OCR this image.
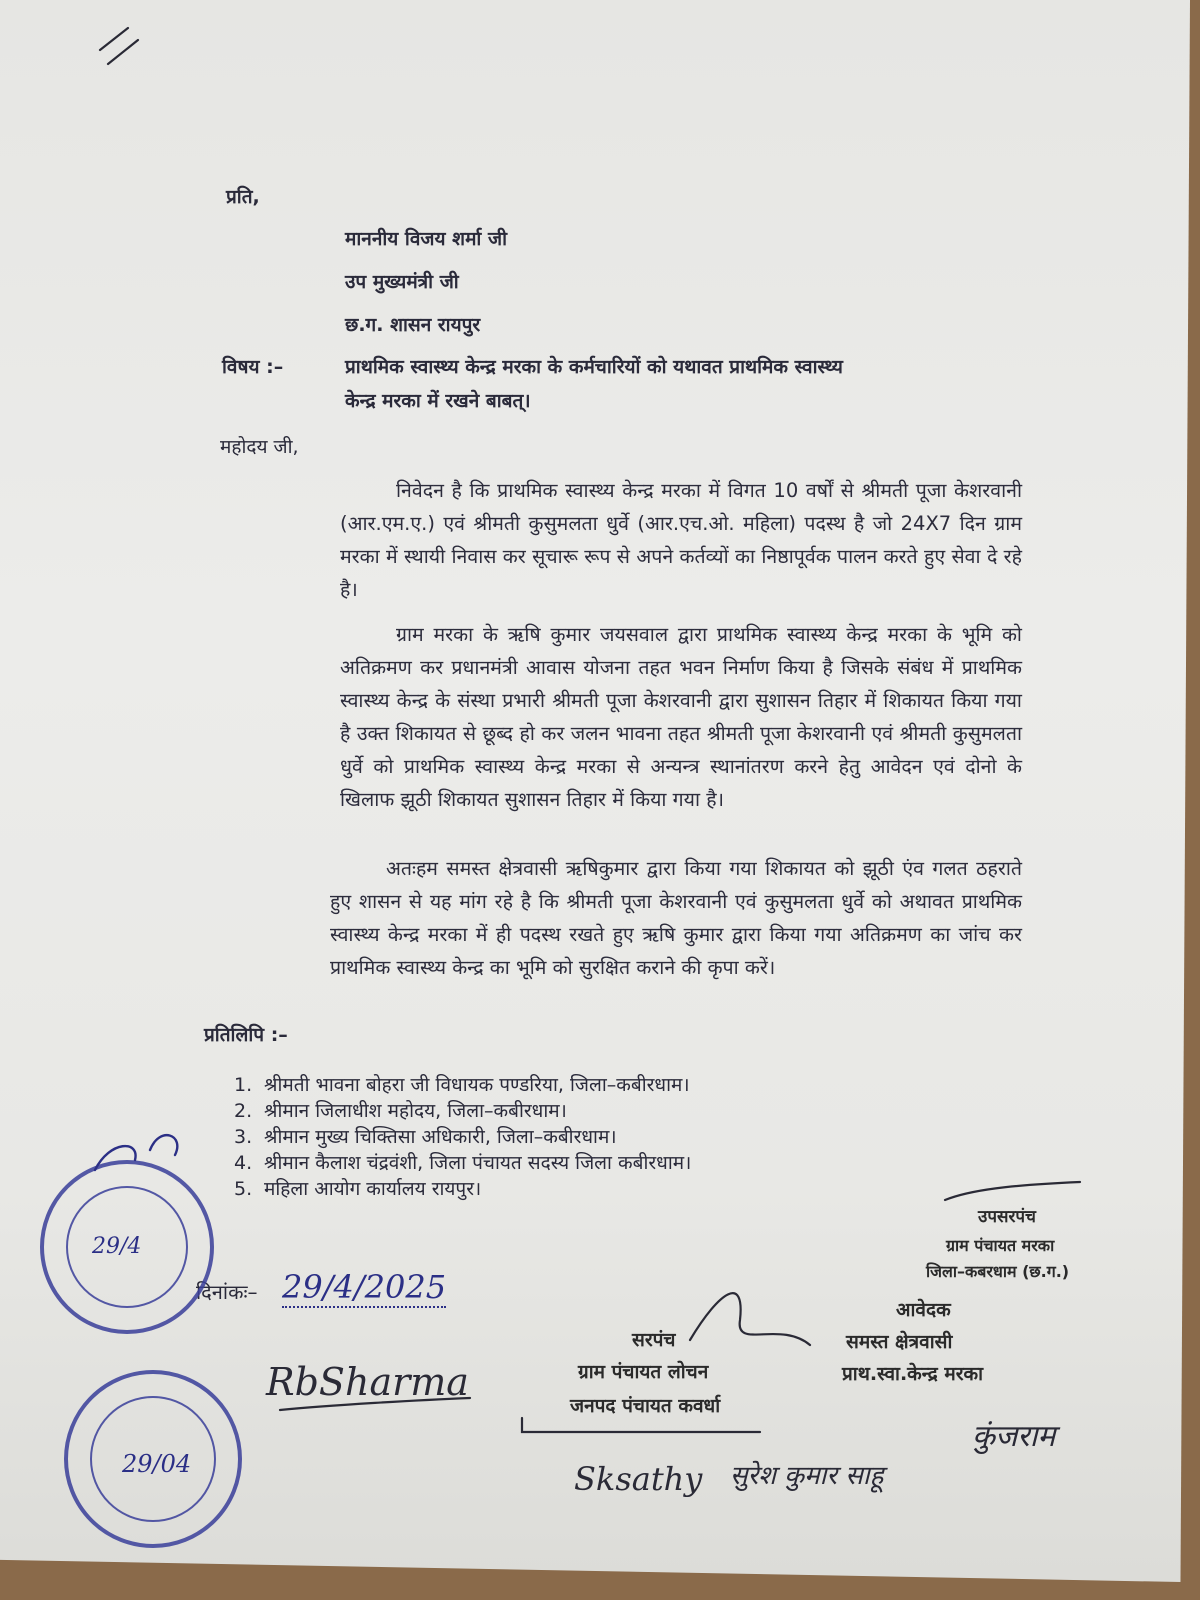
प्रति,
माननीय विजय शर्मा जी
उप मुख्यमंत्री जी
छ.ग. शासन रायपुर
विषय :–	प्राथमिक स्वास्थ्य केन्द्र मरका के कर्मचारियों को यथावत प्राथमिक स्वास्थ्य
केन्द्र मरका में रखने बाबत्।
महोदय जी,
निवेदन है कि प्राथमिक स्वास्थ्य केन्द्र मरका में विगत 10 वर्षों से श्रीमती पूजा केशरवानी (आर.एम.ए.) एवं श्रीमती कुसुमलता धुर्वे (आर.एच.ओ. महिला) पदस्थ है जो 24X7 दिन ग्राम मरका में स्थायी निवास कर सूचारू रूप से अपने कर्तव्यों का निष्ठापूर्वक पालन करते हुए सेवा दे रहे है।
ग्राम मरका के ऋषि कुमार जयसवाल द्वारा प्राथमिक स्वास्थ्य केन्द्र मरका के भूमि को अतिक्रमण कर प्रधानमंत्री आवास योजना तहत भवन निर्माण किया है जिसके संबंध में प्राथमिक स्वास्थ्य केन्द्र के संस्था प्रभारी श्रीमती पूजा केशरवानी द्वारा सुशासन तिहार में शिकायत किया गया है उक्त शिकायत से छूब्द हो कर जलन भावना तहत श्रीमती पूजा केशरवानी एवं श्रीमती कुसुमलता धुर्वे को प्राथमिक स्वास्थ्य केन्द्र मरका से अन्यन्त्र स्थानांतरण करने हेतु आवेदन एवं दोनो के खिलाफ झूठी शिकायत सुशासन तिहार में किया गया है।
अतःहम समस्त क्षेत्रवासी ऋषिकुमार द्वारा किया गया शिकायत को झूठी एंव गलत ठहराते हुए शासन से यह मांग रहे है कि श्रीमती पूजा केशरवानी एवं कुसुमलता धुर्वे को अथावत प्राथमिक स्वास्थ्य केन्द्र मरका में ही पदस्थ रखते हुए ऋषि कुमार द्वारा किया गया अतिक्रमण का जांच कर प्राथमिक स्वास्थ्य केन्द्र का भूमि को सुरक्षित कराने की कृपा करें।
प्रतिलिपि :–
1. श्रीमती भावना बोहरा जी विधायक पण्डरिया, जिला–कबीरधाम।
2. श्रीमान जिलाधीश महोदय, जिला–कबीरधाम।
3. श्रीमान मुख्य चिक्तिसा अधिकारी, जिला–कबीरधाम।
4. श्रीमान कैलाश चंद्रवंशी, जिला पंचायत सदस्य जिला कबीरधाम।
5. महिला आयोग कार्यालय रायपुर।
दिनांकः– 29/4/2025
उपसरपंच
ग्राम पंचायत मरका
जिला–कबरधाम (छ.ग.)
आवेदक
समस्त क्षेत्रवासी
प्राथ.स्वा.केन्द्र मरका
सरपंच
ग्राम पंचायत लोचन
जनपद पंचायत कवर्धा
29/4
29/04
RbSharma
Sksathy सुरेश कुमार साहू
कुंजराम
